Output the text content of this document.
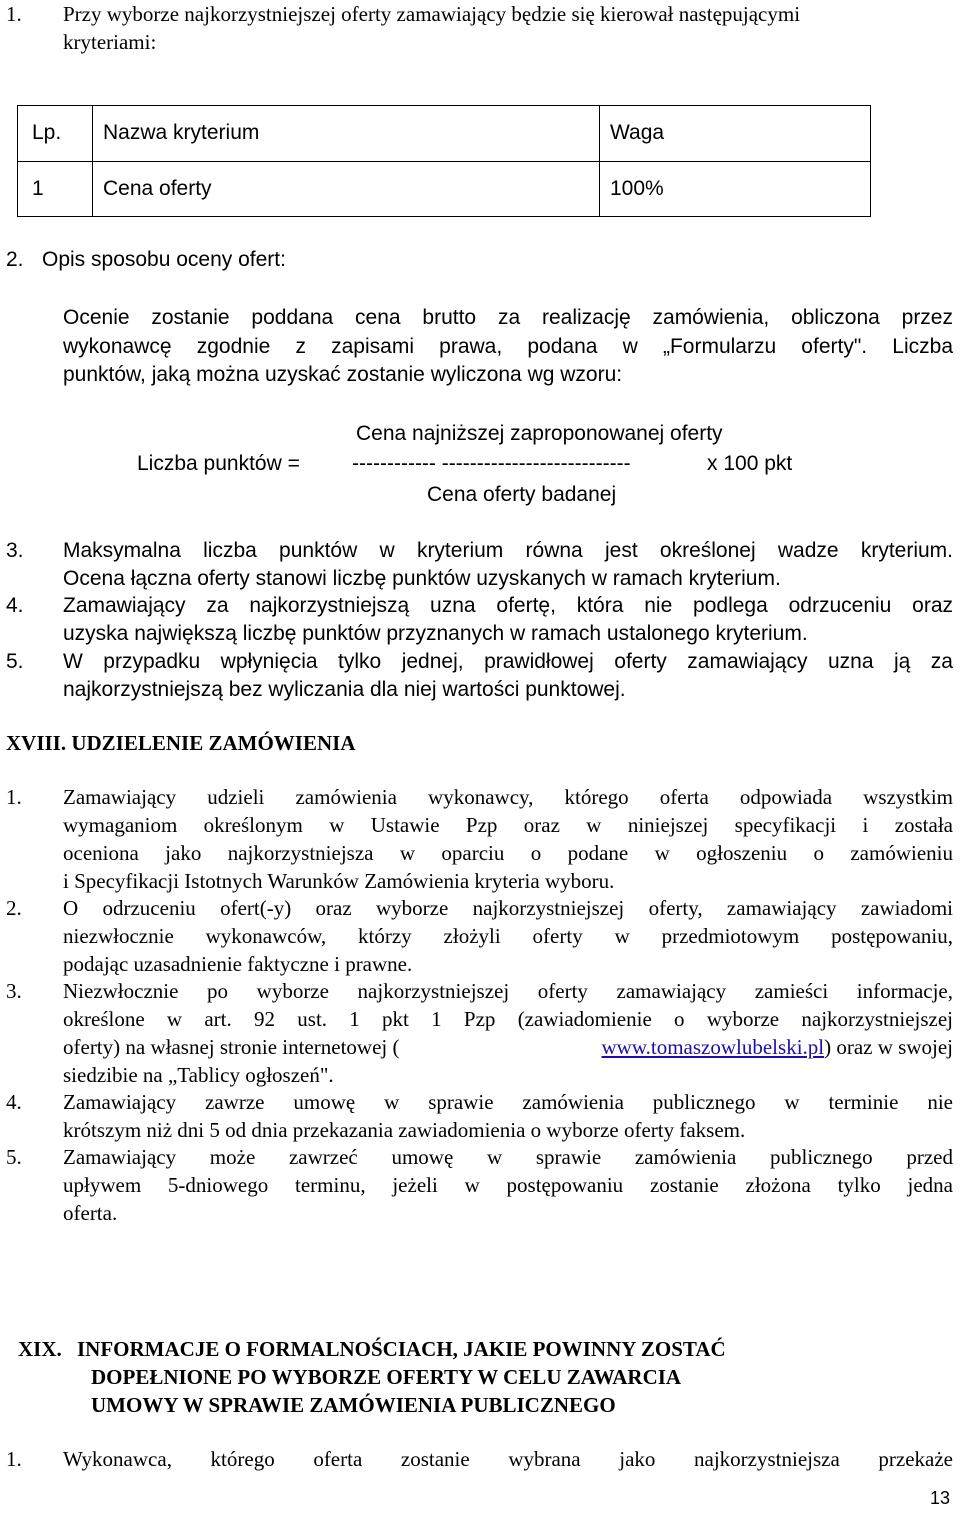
1.	Przy wyborze najkorzystniejszej oferty zamawiający będzie się kierował następującymi
kryteriami:
Lp.	Nazwa kryterium	Waga
1	Cena oferty	100%
2. Opis sposobu oceny ofert:
Ocenie zostanie poddana cena brutto za realizację zamówienia, obliczona przez
wykonawcę zgodnie z zapisami prawa, podana w „Formularzu oferty". Liczba
punktów, jaką można uzyskać zostanie wyliczona wg wzoru:
Cena najniższej zaproponowanej oferty
Liczba punktów = ------------ ---------------------------	x 100 pkt
Cena oferty badanej
3.	Maksymalna liczba punktów w kryterium równa jest określonej wadze kryterium.
Ocena łączna oferty stanowi liczbę punktów uzyskanych w ramach kryterium.
4.	Zamawiający za najkorzystniejszą uzna ofertę, która nie podlega odrzuceniu oraz
uzyska największą liczbę punktów przyznanych w ramach ustalonego kryterium.
5.	W przypadku wpłynięcia tylko jednej, prawidłowej oferty zamawiający uzna ją za
najkorzystniejszą bez wyliczania dla niej wartości punktowej.
XVIII. UDZIELENIE ZAMÓWIENIA
1.	Zamawiający udzieli zamówienia wykonawcy, którego oferta odpowiada wszystkim
wymaganiom określonym w Ustawie Pzp oraz w niniejszej specyfikacji i została
oceniona jako najkorzystniejsza w oparciu o podane w ogłoszeniu o zamówieniu
i Specyfikacji Istotnych Warunków Zamówienia kryteria wyboru.
2.	O odrzuceniu ofert(-y) oraz wyborze najkorzystniejszej oferty, zamawiający zawiadomi
niezwłocznie wykonawców, którzy złożyli oferty w przedmiotowym postępowaniu,
podając uzasadnienie faktyczne i prawne.
3.	Niezwłocznie po wyborze najkorzystniejszej oferty zamawiający zamieści informacje,
określone w art. 92 ust. 1 pkt 1 Pzp (zawiadomienie o wyborze najkorzystniejszej
oferty) na własnej stronie internetowej (	www.tomaszowlubelski.pl) oraz w swojej
siedzibie na „Tablicy ogłoszeń".
4.	Zamawiający zawrze umowę w sprawie zamówienia publicznego w terminie nie
krótszym niż dni 5 od dnia przekazania zawiadomienia o wyborze oferty faksem.
5.	Zamawiający może zawrzeć umowę w sprawie zamówienia publicznego przed
upływem 5-dniowego terminu, jeżeli w postępowaniu zostanie złożona tylko jedna
oferta.
XIX. INFORMACJE O FORMALNOŚCIACH, JAKIE POWINNY ZOSTAĆ
DOPEŁNIONE PO WYBORZE OFERTY W CELU ZAWARCIA
UMOWY W SPRAWIE ZAMÓWIENIA PUBLICZNEGO
1.	Wykonawca, którego oferta zostanie wybrana jako najkorzystniejsza przekaże
13
